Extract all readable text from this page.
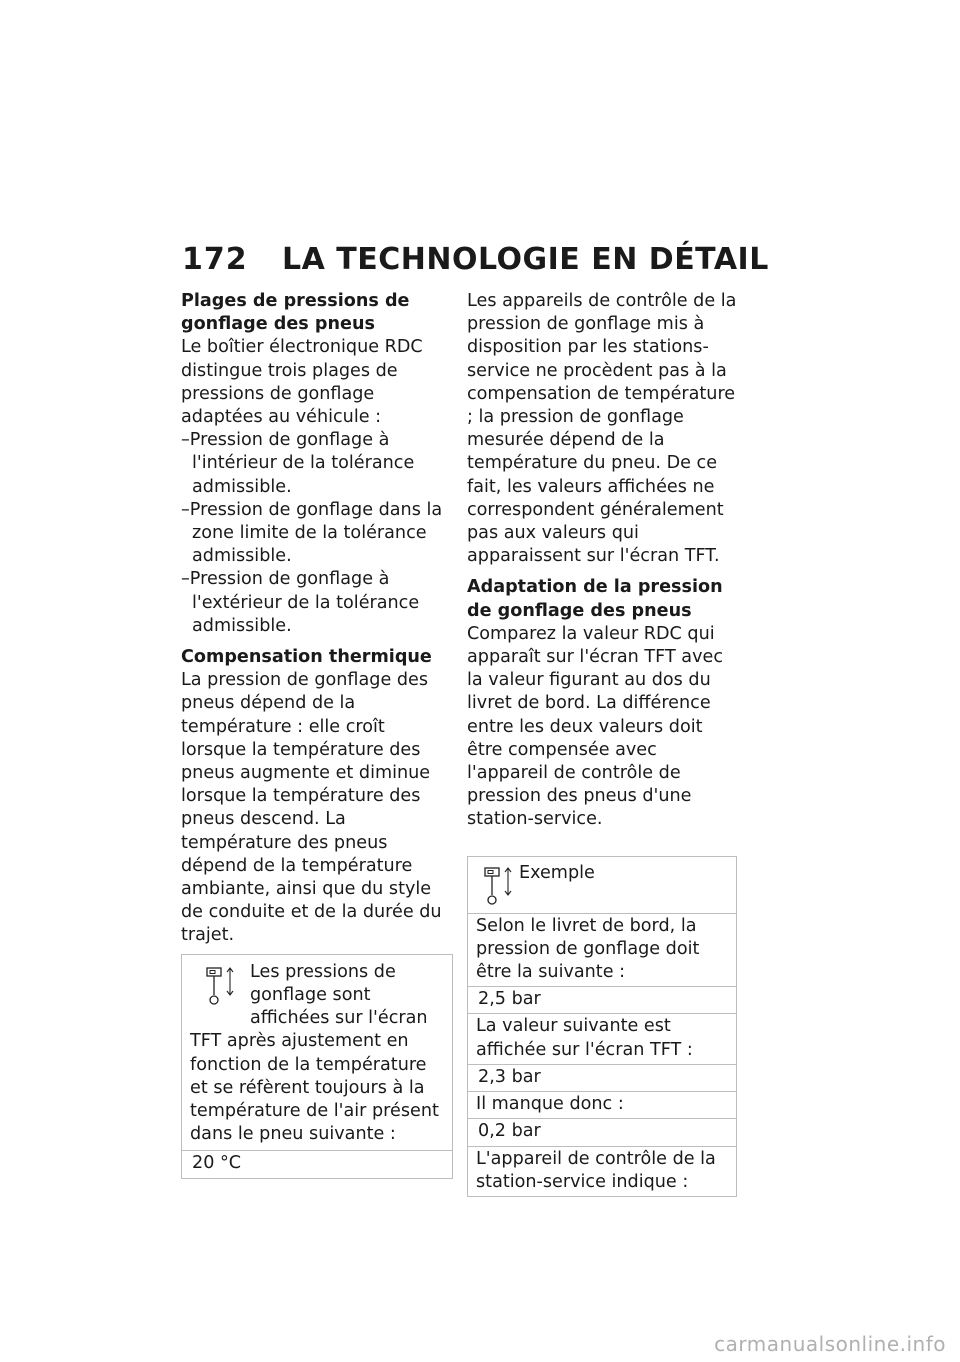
172 LA TECHNOLOGIE EN DÉTAIL

Plages de pressions de gonflage des pneus

Le boîtier électronique RDC distingue trois plages de pressions de gonflage adaptées au véhicule :

– Pression de gonflage à l'intérieur de la tolérance admissible.
– Pression de gonflage dans la zone limite de la tolérance admissible.
– Pression de gonflage à l'extérieur de la tolérance admissible.

Compensation thermique

La pression de gonflage des pneus dépend de la température : elle croît lorsque la température des pneus augmente et diminue lorsque la température des pneus descend. La température des pneus dépend de la température ambiante, ainsi que du style de conduite et de la durée du trajet.

Les pressions de gonflage sont affichées sur l'écran TFT après ajustement en fonction de la température et se réfèrent toujours à la température de l'air présent dans le pneu suivante :
20 °C

Les appareils de contrôle de la pression de gonflage mis à disposition par les stations-service ne procèdent pas à la compensation de température ; la pression de gonflage mesurée dépend de la température du pneu. De ce fait, les valeurs affichées ne correspondent généralement pas aux valeurs qui apparaissent sur l'écran TFT.

Adaptation de la pression de gonflage des pneus

Comparez la valeur RDC qui apparaît sur l'écran TFT avec la valeur figurant au dos du livret de bord. La différence entre les deux valeurs doit être compensée avec l'appareil de contrôle de pression des pneus d'une station-service.

Exemple
Selon le livret de bord, la pression de gonflage doit être la suivante :
2,5 bar
La valeur suivante est affichée sur l'écran TFT :
2,3 bar
Il manque donc :
0,2 bar
L'appareil de contrôle de la station-service indique :
carmanualsonline.info
